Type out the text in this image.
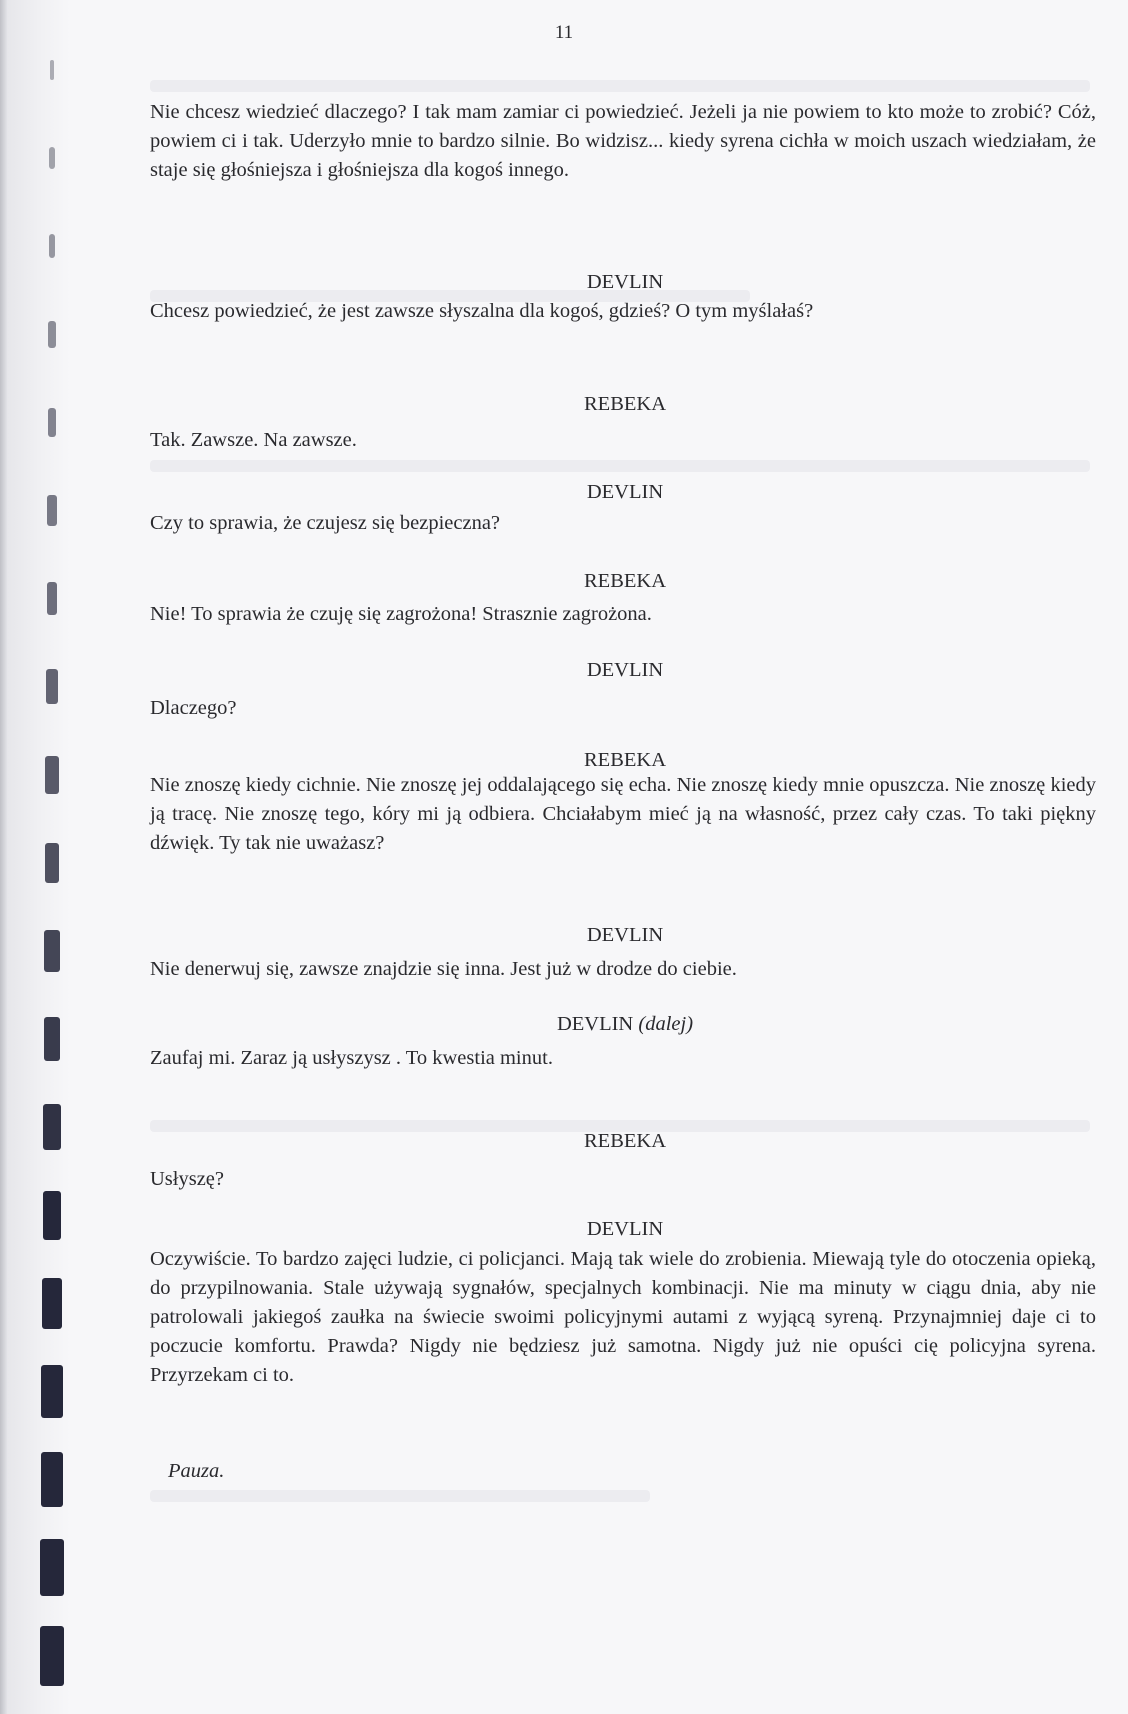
11

Nie chcesz wiedzieć dlaczego? I tak mam zamiar ci powiedzieć. Jeżeli ja nie powiem to kto może to zrobić? Cóż, powiem ci i tak. Uderzyło mnie to bardzo silnie. Bo widzisz... kiedy syrena cichła w moich uszach wiedziałam, że staje się głośniejsza i głośniejsza dla kogoś innego.

DEVLIN
Chcesz powiedzieć, że jest zawsze słyszalna dla kogoś, gdzieś? O tym myślałaś?
REBEKA
Tak. Zawsze. Na zawsze.
DEVLIN
Czy to sprawia, że czujesz się bezpieczna?
REBEKA
Nie! To sprawia że czuję się zagrożona! Strasznie zagrożona.
DEVLIN
Dlaczego?
REBEKA

Nie znoszę kiedy cichnie. Nie znoszę jej oddalającego się echa. Nie znoszę kiedy mnie opuszcza. Nie znoszę kiedy ją tracę. Nie znoszę tego, kóry mi ją odbiera. Chciałabym mieć ją na własność, przez cały czas. To taki piękny dźwięk. Ty tak nie uważasz?

DEVLIN
Nie denerwuj się, zawsze znajdzie się inna. Jest już w drodze do ciebie.
DEVLIN (dalej)
Zaufaj mi. Zaraz ją usłyszysz . To kwestia minut.
REBEKA
Usłyszę?
DEVLIN

Oczywiście. To bardzo zajęci ludzie, ci policjanci. Mają tak wiele do zrobienia. Miewają tyle do otoczenia opieką, do przypilnowania. Stale używają sygnałów, specjalnych kombinacji. Nie ma minuty w ciągu dnia, aby nie patrolowali jakiegoś zaułka na świecie swoimi policyjnymi autami z wyjącą syreną. Przynajmniej daje ci to poczucie komfortu. Prawda? Nigdy nie będziesz już samotna. Nigdy już nie opuści cię policyjna syrena. Przyrzekam ci to.

Pauza.
